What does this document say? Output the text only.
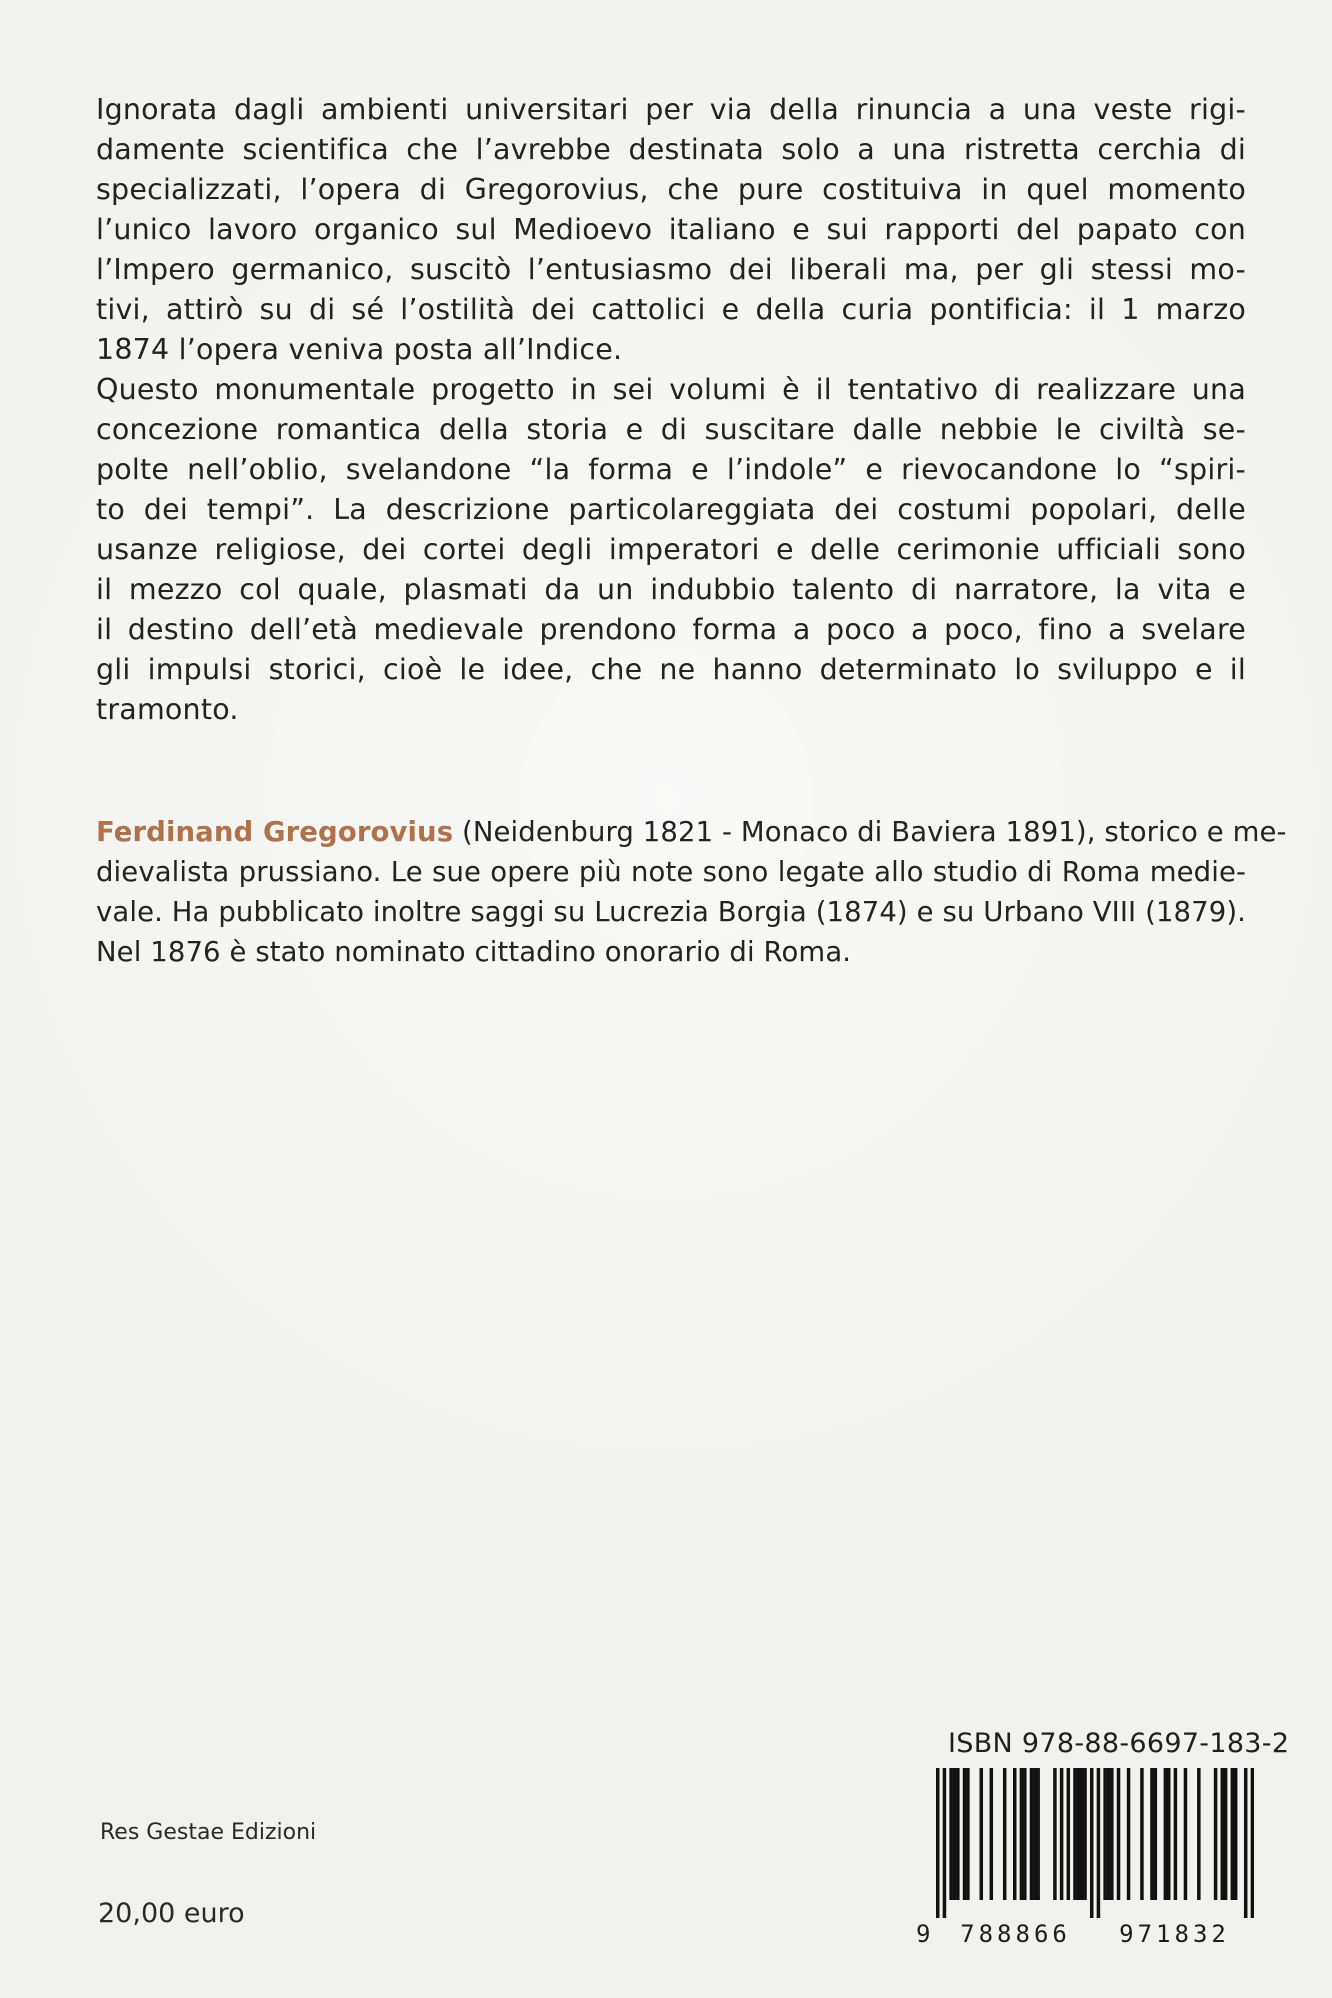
Ignorata dagli ambienti universitari per via della rinuncia a una veste rigi-
damente scientifica che l’avrebbe destinata solo a una ristretta cerchia di
specializzati, l’opera di Gregorovius, che pure costituiva in quel momento
l’unico lavoro organico sul Medioevo italiano e sui rapporti del papato con
l’Impero germanico, suscitò l’entusiasmo dei liberali ma, per gli stessi mo-
tivi, attirò su di sé l’ostilità dei cattolici e della curia pontificia: il 1 marzo
1874 l’opera veniva posta all’Indice.
Questo monumentale progetto in sei volumi è il tentativo di realizzare una
concezione romantica della storia e di suscitare dalle nebbie le civiltà se-
polte nell’oblio, svelandone “la forma e l’indole” e rievocandone lo “spiri-
to dei tempi”. La descrizione particolareggiata dei costumi popolari, delle
usanze religiose, dei cortei degli imperatori e delle cerimonie ufficiali sono
il mezzo col quale, plasmati da un indubbio talento di narratore, la vita e
il destino dell’età medievale prendono forma a poco a poco, fino a svelare
gli impulsi storici, cioè le idee, che ne hanno determinato lo sviluppo e il
tramonto.
Ferdinand Gregorovius (Neidenburg 1821 - Monaco di Baviera 1891), storico e me-
dievalista prussiano. Le sue opere più note sono legate allo studio di Roma medie-
vale. Ha pubblicato inoltre saggi su Lucrezia Borgia (1874) e su Urbano VIII (1879).
Nel 1876 è stato nominato cittadino onorario di Roma.
ISBN 978-88-6697-183-2
9	788866	971832
Res Gestae Edizioni
20,00 euro
